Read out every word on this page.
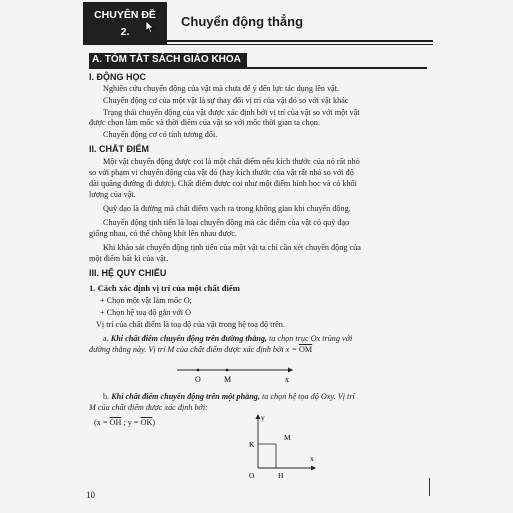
CHUYÊN ĐỀ
2.
Chuyển động thẳng
A. TÓM TẮT SÁCH GIÁO KHOA
I. ĐỘNG HỌC
Nghiên cứu chuyển động của vật mà chưa để ý đến lực tác dụng lên vật.
Chuyển động cơ của một vật là sự thay đổi vị trí của vật đó so với vật khác
Trạng thái chuyển động của vật được xác định bởi vị trí của vật so với một vật
được chọn làm mốc và thời điểm của vật so với mốc thời gian ta chọn.
Chuyển động cơ có tính tương đối.
II. CHẤT ĐIỂM
Một vật chuyển động được coi là một chất điểm nếu kích thước của nó rất nhỏ
so với phạm vi chuyển động của vật đó (hay kích thước của vật rất nhỏ so với độ
dài quãng đường đi được). Chất điểm được coi như một điểm hình học và có khối
lượng của vật.
Quỹ đạo là đường mà chất điểm vạch ra trong không gian khi chuyển động.
Chuyển động tịnh tiến là loại chuyển động mà các điểm của vật có quỹ đạo
giống nhau, có thể chồng khít lên nhau được.
Khi khảo sát chuyển động tịnh tiến của một vật ta chỉ cần xét chuyển động của
một điểm bất kì của vật.
III. HỆ QUY CHIẾU
1. Cách xác định vị trí của một chất điểm
+ Chọn một vật làm mốc O;
+ Chọn hệ toạ độ gắn với O
Vị trí của chất điểm là toạ độ của vật trong hệ toạ độ trên.
a. Khi chất điểm chuyển động trên đường thẳng, ta chọn trục Ox trùng với
đường thẳng này. Vị trí M của chất điểm được xác định bởi $x = \overline{OM}$
O	M	x
b. Khi chất điểm chuyển động trên một phẳng, ta chọn hệ tọa độ Oxy. Vị trí
M của chất điểm được xác định bởi:
($x = \overline{OH}$ ; $y = \overline{OK}$)
y
K
M
O	H
x
10
